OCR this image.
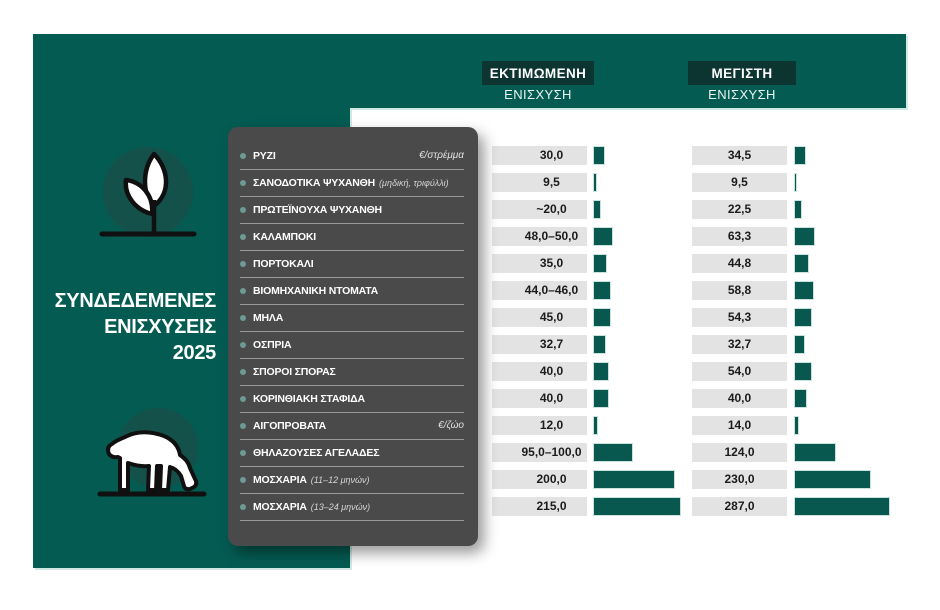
ΣΥΝΔΕΔΕΜΕΝΕΣ
ΕΝΙΣΧΥΣΕΙΣ
2025
ΕΚΤΙΜΩΜΕΝΗ
ΕΝΙΣΧΥΣΗ
ΜΕΓΙΣΤΗ
ΕΝΙΣΧΥΣΗ
ΡΥΖΙ	€/στρέμμα	30,0	34,5
ΣΑΝΟΔΟΤΙΚΑ ΨΥΧΑΝΘΗ (μηδική, τριφύλλι)	9,5	9,5
ΠΡΩΤΕΪΝΟΥΧΑ ΨΥΧΑΝΘΗ	~20,0	22,5
ΚΑΛΑΜΠΟΚΙ	48,0–50,0	63,3
ΠΟΡΤΟΚΑΛΙ	35,0	44,8
ΒΙΟΜΗΧΑΝΙΚΗ ΝΤΟΜΑΤΑ	44,0–46,0	58,8
ΜΗΛΑ	45,0	54,3
ΟΣΠΡΙΑ	32,7	32,7
ΣΠΟΡΟΙ ΣΠΟΡΑΣ	40,0	54,0
ΚΟΡΙΝΘΙΑΚΗ ΣΤΑΦΙΔΑ	40,0	40,0
ΑΙΓΟΠΡΟΒΑΤΑ	€/ζώο	12,0	14,0
ΘΗΛΑΖΟΥΣΕΣ ΑΓΕΛΑΔΕΣ	95,0–100,0	124,0
ΜΟΣΧΑΡΙΑ (11–12 μηνών)	200,0	230,0
ΜΟΣΧΑΡΙΑ (13–24 μηνών)	215,0	287,0
